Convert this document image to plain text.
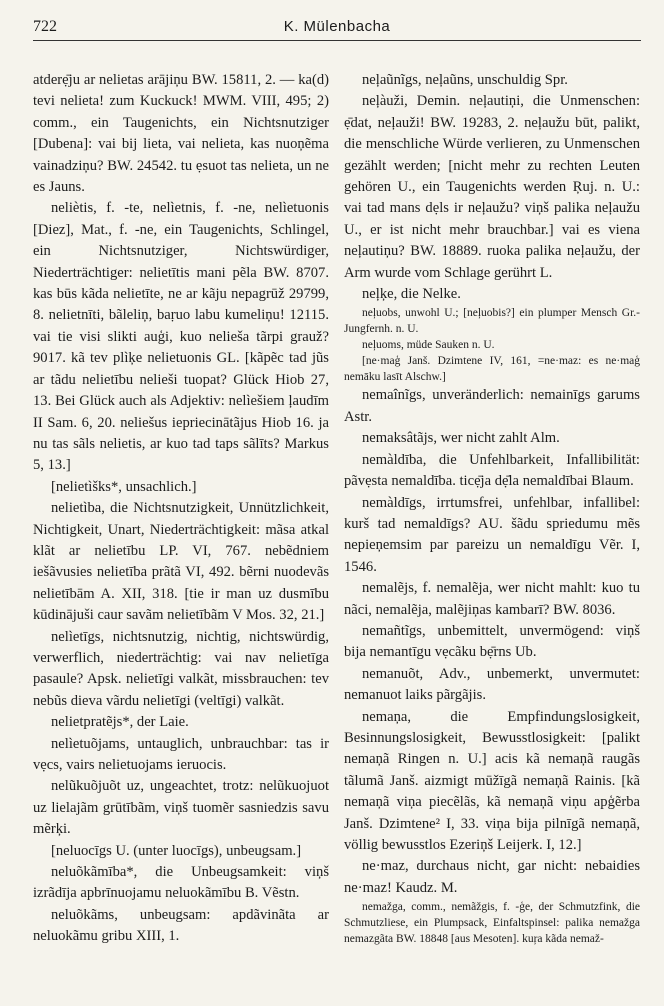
722	K. Mülenbacha

atderẹ̄ju ar nelietas arājiņu BW. 15811, 2. — ka(d) tevi nelieta! zum Kuckuck! MWM. VIII, 495; 2) comm., ein Taugenichts, ein Nichtsnutziger [Dubena]: vai bij lieta, vai nelieta, kas nuoņẽma vainadziņu? BW. 24542. tu ẹsuot tas nelieta, un ne es Jauns.

neliètis, f. -te, nelìetnis, f. -ne, nelìetuonis [Diez], Mat., f. -ne, ein Taugenichts, Schlingel, ein Nichtsnutziger, Nichtswürdiger, Niederträchtiger: nelietītis mani pẽla BW. 8707. kas būs kãda nelietīte, ne ar kãju nepagrūž 29799, 8. nelietnīti, bãleliņ, baṛuo labu kumeliņu! 12115. vai tie visi slikti auģi, kuo nelieša tãrpi grauž? 9017. kã tev plìķe nelietuonis GL. [kãpẽc tad jũs ar tãdu nelietību nelieši tuopat? Glück Hiob 27, 13. Bei Glück auch als Adjektiv: nelìešiem ļaudīm II Sam. 6, 20. neliešus iepriecinātãjus Hiob 16. ja nu tas sãls nelietis, ar kuo tad taps sãlīts? Markus 5, 13.]

[nelietìšks*, unsachlich.]

nelietìba, die Nichtsnutzigkeit, Unnützlichkeit, Nichtigkeit, Unart, Niederträchtigkeit: mãsa atkal klãt ar nelietību LP. VI, 767. nebẽdniem iešãvusies nelietība prãtã VI, 492. bẽrni nuodevãs nelietībām A. XII, 318. [tie ir man uz dusmību kūdinājuši caur savãm nelietībãm V Mos. 32, 21.]

nelìetīgs, nichtsnutzig, nichtig, nichtswürdig, verwerflich, niederträchtig: vai nav nelietīga pasaule? Apsk. nelietīgi valkãt, missbrauchen: tev nebũs dieva vãrdu nelietīgi (veltīgi) valkãt.

nelietpratẽjs*, der Laie.

nelìetuõjams, untauglich, unbrauchbar: tas ir vẹcs, vairs nelietuojams ieruocis.

nelũkuõjuõt uz, ungeachtet, trotz: nelũkuojuot uz lielajãm grūtībãm, viņš tuomẽr sasniedzis savu mẽrķi.

[neluocīgs U. (unter luocīgs), unbeugsam.]

neluõkãmība*, die Unbeugsamkeit: viņš izrãdīja apbrīnuojamu neluokãmību B. Vẽstn.

neluõkãms, unbeugsam: apdãvinãta ar neluokãmu gribu XIII, 1.

neļaũnĩgs, neļaũns, unschuldig Spr.

neļàuži, Demin. neļautiņi, die Unmenschen: ẹ̄dat, neļauži! BW. 19283, 2. neļaužu būt, palikt, die menschliche Würde verlieren, zu Unmenschen gezählt werden; [nicht mehr zu rechten Leuten gehören U., ein Taugenichts werden Ŗuj. n. U.: vai tad mans dẹls ir neļaužu? viņš palika neļaužu U., er ist nicht mehr brauchbar.] vai es viena neļautiņu? BW. 18889. ruoka palika neļaužu, der Arm wurde vom Schlage gerührt L.

neļķe, die Nelke.

neļuobs, unwohl U.; [neļuobis?] ein plumper Mensch Gr.-Jungfernh. n. U.

neļuoms, müde Sauken n. U.

[ne·maģ Janš. Dzimtene IV, 161, =ne·maz: es ne·maģ nemāku lasīt Alschw.]

nemaînĩgs, unveränderlich: nemainīgs garums Astr.

nemaksâtãjs, wer nicht zahlt Alm.

nemàldība, die Unfehlbarkeit, Infallibilität: pãvẹsta nemaldība. ticẹ̄ja dẹ̄la nemaldībai Blaum.

nemàldīgs, irrtumsfrei, unfehlbar, infallibel: kurš tad nemaldīgs? AU. šãdu spriedumu mẽs nepieņemsim par pareizu un nemaldīgu Vẽr. I, 1546.

nemalẽjs, f. nemalẽja, wer nicht mahlt: kuo tu nãci, nemalẽja, malẽjiņas kambarī? BW. 8036.

nemañtĩgs, unbemittelt, unvermögend: viņš bija nemantīgu vẹcãku bẹ̄rns Ub.

nemanuõt, Adv., unbemerkt, unvermutet: nemanuot laiks pãrgãjis.

nemaņa, die Empfindungslosigkeit, Besinnungslosigkeit, Bewusstlosigkeit: [palikt nemaņã Ringen n. U.] acis kã nemaņã raugãs tãlumã Janš. aizmigt mūžīgã nemaņã Rainis. [kã nemaņã viņa piecẽlãs, kã nemaņã viņu apģẽrba Janš. Dzimtene² I, 33. viņa bija pilnīgã nemaņã, völlig bewusstlos Ezeriņš Leijerk. I, 12.]

ne·maz, durchaus nicht, gar nicht: nebaidies ne·maz! Kaudz. M.

nemažga, comm., nemãžgis, f. -ģe, der Schmutzfink, die Schmutzliese, ein Plumpsack, Einfaltspinsel: palika nemažga nemazgãta BW. 18848 [aus Mesoten]. kuŗa kãda nemaž-
